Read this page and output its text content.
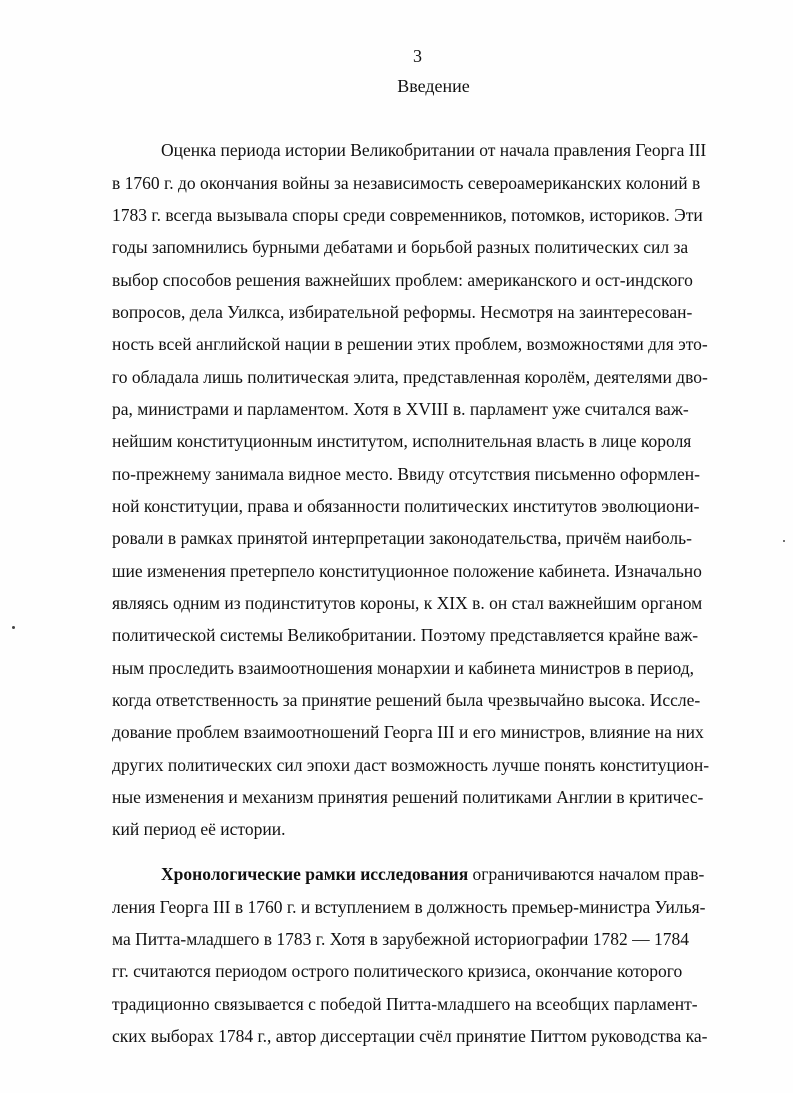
3
Введение
Оценка периода истории Великобритании от начала правления Георга III
в 1760 г. до окончания войны за независимость североамериканских колоний в
1783 г. всегда вызывала споры среди современников, потомков, историков. Эти
годы запомнились бурными дебатами и борьбой разных политических сил за
выбор способов решения важнейших проблем: американского и ост-индского
вопросов, дела Уилкса, избирательной реформы. Несмотря на заинтересован-
ность всей английской нации в решении этих проблем, возможностями для это-
го обладала лишь политическая элита, представленная королём, деятелями дво-
ра, министрами и парламентом. Хотя в XVIII в. парламент уже считался важ-
нейшим конституционным институтом, исполнительная власть в лице короля
по-прежнему занимала видное место. Ввиду отсутствия письменно оформлен-
ной конституции, права и обязанности политических институтов эволюциони-
ровали в рамках принятой интерпретации законодательства, причём наиболь-
шие изменения претерпело конституционное положение кабинета. Изначально
являясь одним из подинститутов короны, к XIX в. он стал важнейшим органом
политической системы Великобритании. Поэтому представляется крайне важ-
ным проследить взаимоотношения монархии и кабинета министров в период,
когда ответственность за принятие решений была чрезвычайно высока. Иссле-
дование проблем взаимоотношений Георга III и его министров, влияние на них
других политических сил эпохи даст возможность лучше понять конституцион-
ные изменения и механизм принятия решений политиками Англии в критичес-
кий период её истории.
Хронологические рамки исследования ограничиваются началом прав-
ления Георга III в 1760 г. и вступлением в должность премьер-министра Уилья-
ма Питта-младшего в 1783 г. Хотя в зарубежной историографии 1782 — 1784
гг. считаются периодом острого политического кризиса, окончание которого
традиционно связывается с победой Питта-младшего на всеобщих парламент-
ских выборах 1784 г., автор диссертации счёл принятие Питтом руководства ка-
